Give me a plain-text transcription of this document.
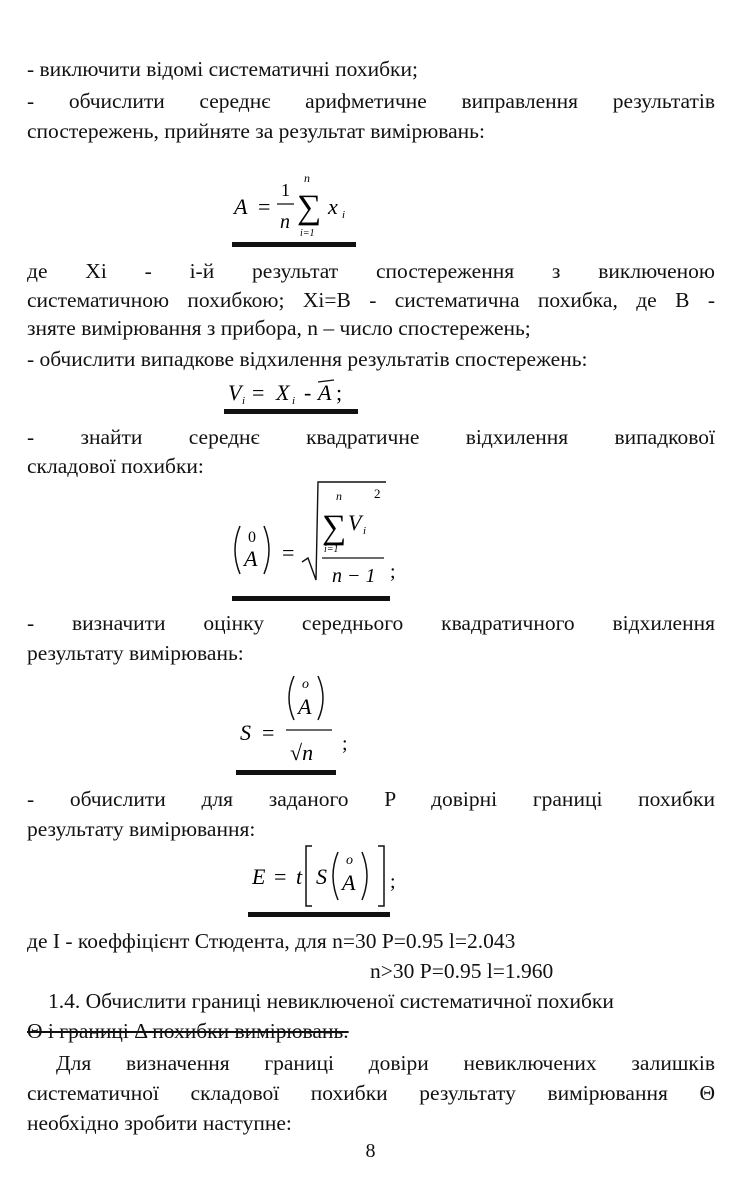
- виключити відомі систематичні похибки;
- обчислити середнє арифметичне виправлення результатів
спостережень, прийняте за результат вимірювань:
A =
1
n
n
∑
i=1
x i
де Xi - i-й результат спостереження з виключеною
систематичною похибкою; Xi=B - систематична похибка, де B -
зняте вимірювання з прибора, n – число спостережень;
- обчислити випадкове відхилення результатів спостережень:
V i = X i - A ;
- знайти середнє квадратичне відхилення випадкової
складової похибки:
0
A =
n
∑ V i
2
i=1
n − 1 ;
- визначити оцінку середнього квадратичного відхилення
результату вимірювань:
S =
o
A
√n ;
- обчислити для заданого P довірні границі похибки
результату вимірювання:
E = t S
o
A ;
де I - коеффіцієнт Стюдента, для n=30 P=0.95 l=2.043
n>30 P=0.95 l=1.960
1.4. Обчислити границі невиключеної систематичної похибки
Θ і границі Δ похибки вимірювань.
Для визначення границі довіри невиключених залишків
систематичної складової похибки результату вимірювання Θ
необхідно зробити наступне:
8
